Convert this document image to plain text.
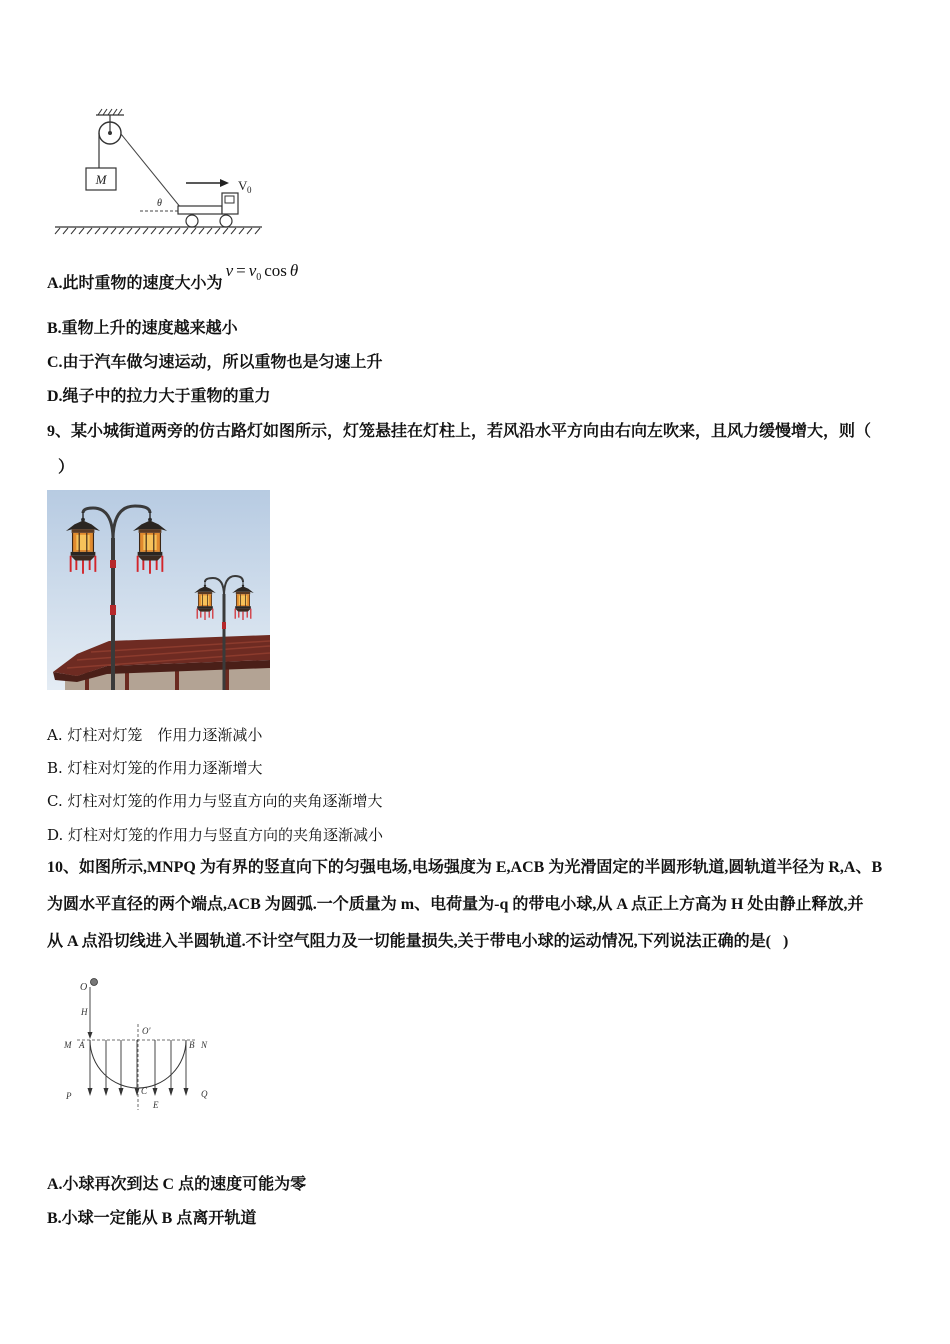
M
θ
V 0
A.此时重物的速度大小为$v = v_0$ cos θ
B.重物上升的速度越来越小
C.由于汽车做匀速运动，所以重物也是匀速上升
D.绳子中的拉力大于重物的重力
9、某小城街道两旁的仿古路灯如图所示，灯笼悬挂在灯柱上，若风沿水平方向由右向左吹来，且风力缓慢增大，则（
）
A. 灯柱对灯笼　作用力逐渐减小
B. 灯柱对灯笼的作用力逐渐增大
C. 灯柱对灯笼的作用力与竖直方向的夹角逐渐增大
D. 灯柱对灯笼的作用力与竖直方向的夹角逐渐减小
10、如图所示,MNPQ 为有界的竖直向下的匀强电场,电场强度为 E,ACB 为光滑固定的半圆形轨道,圆轨道半径为 R,A、B
为圆水平直径的两个端点,ACB 为圆弧.一个质量为 m、电荷量为-q 的带电小球,从 A 点正上方高为 H 处由静止释放,并
从 A 点沿切线进入半圆轨道.不计空气阻力及一切能量损失,关于带电小球的运动情况,下列说法正确的是(   )
O
H
O'
M A	B N
P	C
E
Q
A.小球再次到达 C 点的速度可能为零
B.小球一定能从 B 点离开轨道
